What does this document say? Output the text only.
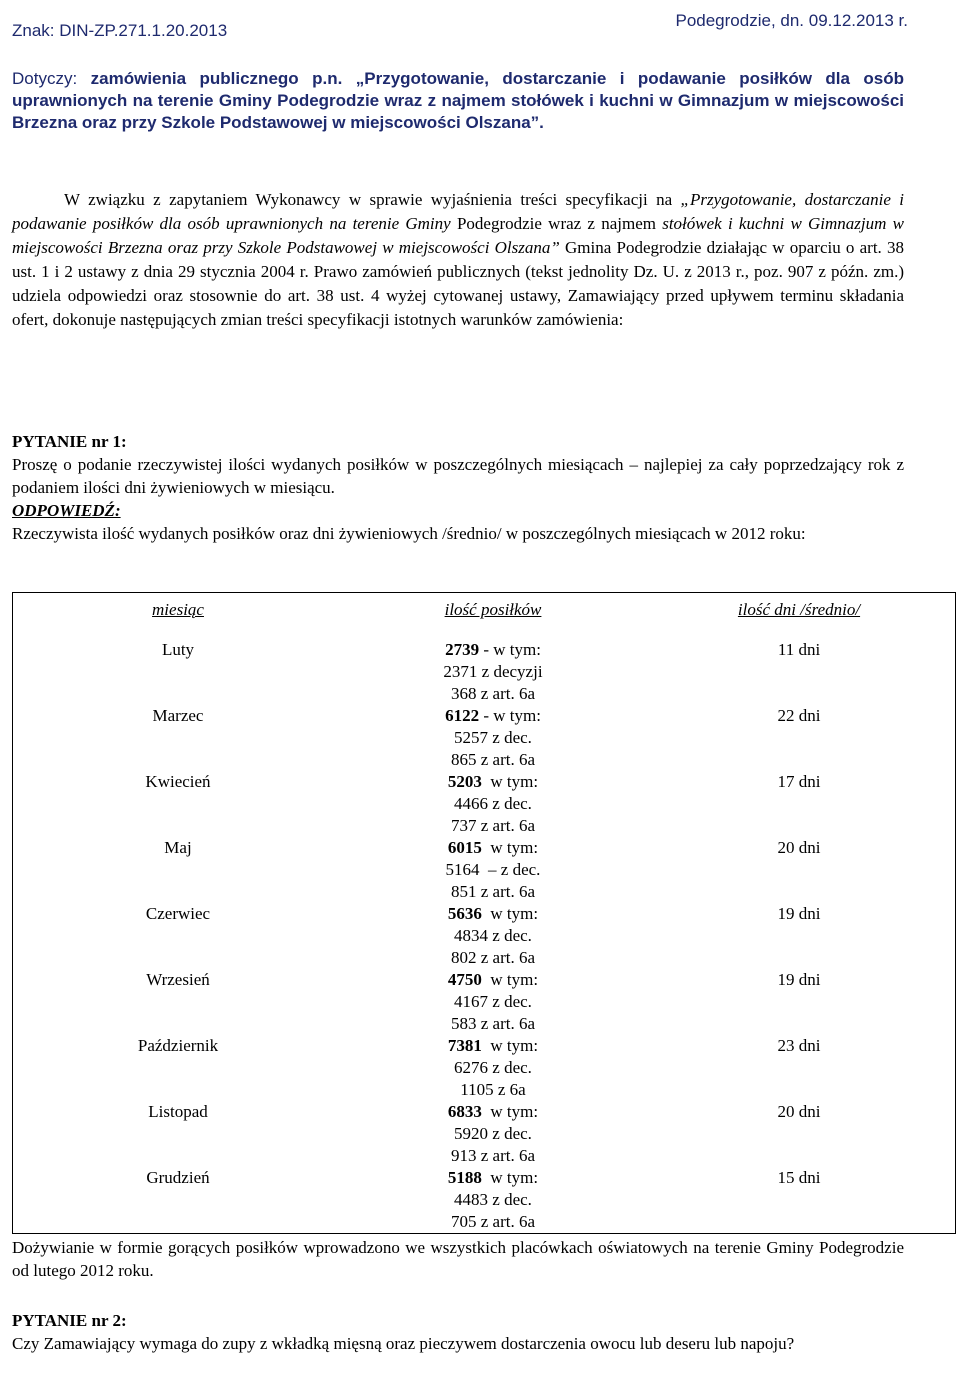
Znak: DIN-ZP.271.1.20.2013
Podegrodzie, dn. 09.12.2013 r.
Dotyczy: zamówienia publicznego p.n. „Przygotowanie, dostarczanie i podawanie posiłków dla osób uprawnionych na terenie Gminy Podegrodzie wraz z najmem stołówek i kuchni w Gimnazjum w miejscowości Brzezna oraz przy Szkole Podstawowej w miejscowości Olszana”.
W związku z zapytaniem Wykonawcy w sprawie wyjaśnienia treści specyfikacji na „Przygotowanie, dostarczanie i podawanie posiłków dla osób uprawnionych na terenie Gminy Podegrodzie wraz z najmem stołówek i kuchni w Gimnazjum w miejscowości Brzezna oraz przy Szkole Podstawowej w miejscowości Olszana” Gmina Podegrodzie działając w oparciu o art. 38 ust. 1 i 2 ustawy z dnia 29 stycznia 2004 r. Prawo zamówień publicznych (tekst jednolity Dz. U. z 2013 r., poz. 907 z późn. zm.) udziela odpowiedzi oraz stosownie do art. 38 ust. 4 wyżej cytowanej ustawy, Zamawiający przed upływem terminu składania ofert, dokonuje następujących zmian treści specyfikacji istotnych warunków zamówienia:
PYTANIE nr 1:
Proszę o podanie rzeczywistej ilości wydanych posiłków w poszczególnych miesiącach – najlepiej za cały poprzedzający rok z podaniem ilości dni żywieniowych w miesiącu.
ODPOWIEDŹ:
Rzeczywista ilość wydanych posiłków oraz dni żywieniowych /średnio/ w poszczególnych miesiącach w 2012 roku:
miesiąc	ilość posiłków	ilość dni /średnio/
Luty	2739 - w tym:
2371 z decyzji
368 z art. 6a	11 dni
Marzec	6122 - w tym:
5257 z dec.
865 z art. 6a	22 dni
Kwiecień	5203  w tym:
4466 z dec.
737 z art. 6a	17 dni
Maj	6015  w tym:
5164  – z dec.
851 z art. 6a	20 dni
Czerwiec	5636  w tym:
4834 z dec.
802 z art. 6a	19 dni
Wrzesień	4750  w tym:
4167 z dec.
583 z art. 6a	19 dni
Październik	7381  w tym:
6276 z dec.
1105 z 6a	23 dni
Listopad	6833  w tym:
5920 z dec.
913 z art. 6a	20 dni
Grudzień	5188  w tym:
4483 z dec.
705 z art. 6a	15 dni
Dożywianie w formie gorących posiłków wprowadzono we wszystkich placówkach oświatowych na terenie Gminy Podegrodzie od lutego 2012 roku.
PYTANIE nr 2:
Czy Zamawiający wymaga do zupy z wkładką mięsną oraz pieczywem dostarczenia owocu lub deseru lub napoju?
